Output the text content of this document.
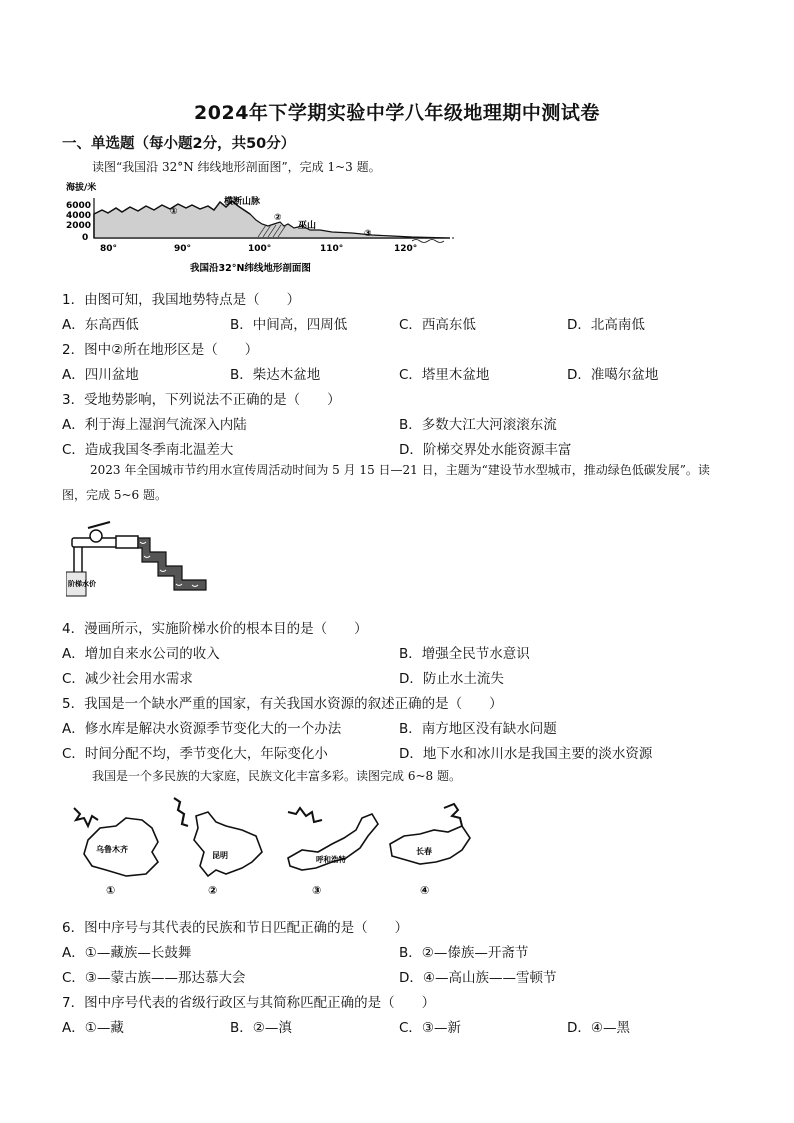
2024年下学期实验中学八年级地理期中测试卷
一、单选题（每小题2分，共50分）
读图“我国沿 32°N 纬线地形剖面图”，完成 1~3 题。
海拔/米
6000
4000
2000
0
①
②
③
横断山脉
巫山
80°	90°	100°	110°	120°
我国沿32°N纬线地形剖面图
1．由图可知，我国地势特点是（　　）
A．东高西低	B．中间高，四周低	C．西高东低	D．北高南低
2．图中②所在地形区是（　　）
A．四川盆地	B．柴达木盆地	C．塔里木盆地	D．准噶尔盆地
3．受地势影响，下列说法不正确的是（　　）
A．利于海上湿润气流深入内陆	B．多数大江大河滚滚东流
C．造成我国冬季南北温差大	D．阶梯交界处水能资源丰富
2023 年全国城市节约用水宣传周活动时间为 5 月 15 日—21 日，主题为“建设节水型城市，推动绿色低碳发展”。读图，完成 5~6 题。
阶梯水价
4．漫画所示，实施阶梯水价的根本目的是（　　）
A．增加自来水公司的收入	B．增强全民节水意识
C．减少社会用水需求	D．防止水土流失
5．我国是一个缺水严重的国家，有关我国水资源的叙述正确的是（　　）
A．修水库是解决水资源季节变化大的一个办法	B．南方地区没有缺水问题
C．时间分配不均，季节变化大，年际变化小	D．地下水和冰川水是我国主要的淡水资源
我国是一个多民族的大家庭，民族文化丰富多彩。读图完成 6~8 题。
乌鲁木齐
①
昆明
②
呼和浩特
③
长春
④
6．图中序号与其代表的民族和节日匹配正确的是（　　）
A．①—藏族—长鼓舞	B．②—傣族—开斋节
C．③—蒙古族——那达慕大会	D．④—高山族——雪顿节
7．图中序号代表的省级行政区与其简称匹配正确的是（　　）
A．①—藏	B．②—滇	C．③—新	D．④—黑
